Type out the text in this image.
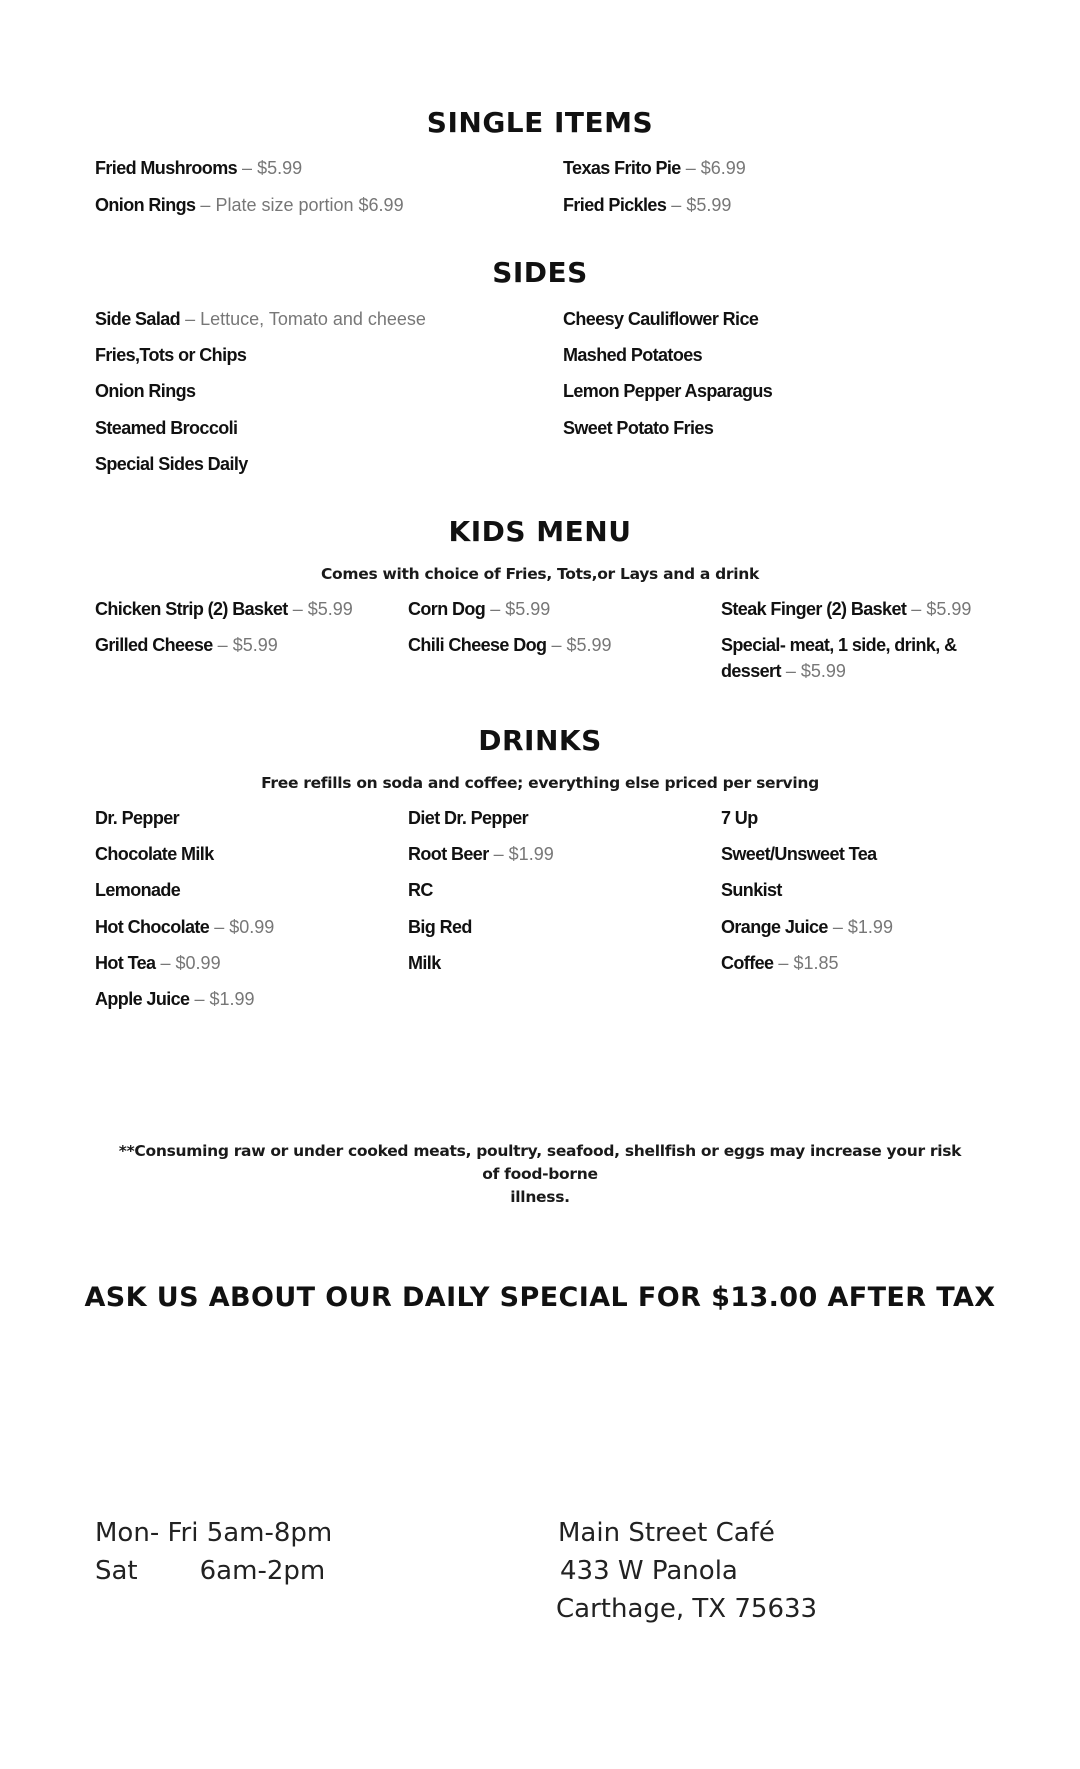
SINGLE ITEMS
Fried Mushrooms – $5.99
Onion Rings – Plate size portion $6.99
Texas Frito Pie – $6.99
Fried Pickles – $5.99
SIDES
Side Salad – Lettuce, Tomato and cheese
Fries,Tots or Chips
Onion Rings
Steamed Broccoli
Special Sides Daily
Cheesy Cauliflower Rice
Mashed Potatoes
Lemon Pepper Asparagus
Sweet Potato Fries
KIDS MENU
Comes with choice of Fries, Tots,or Lays and a drink
Chicken Strip (2) Basket – $5.99
Grilled Cheese – $5.99
Corn Dog – $5.99
Chili Cheese Dog – $5.99
Steak Finger (2) Basket – $5.99
Special- meat, 1 side, drink, &
dessert – $5.99
DRINKS
Free refills on soda and coffee; everything else priced per serving
Dr. Pepper
Chocolate Milk
Lemonade
Hot Chocolate – $0.99
Hot Tea – $0.99
Apple Juice – $1.99
Diet Dr. Pepper
Root Beer – $1.99
RC
Big Red
Milk
7 Up
Sweet/Unsweet Tea
Sunkist
Orange Juice – $1.99
Coffee – $1.85
**Consuming raw or under cooked meats, poultry, seafood, shellfish or eggs may increase your risk of food-borne
illness.
ASK US ABOUT OUR DAILY SPECIAL FOR $13.00 AFTER TAX
Mon- Fri 5am-8pm
Sat 6am-2pm
Main Street Café
433 W Panola
Carthage, TX 75633
